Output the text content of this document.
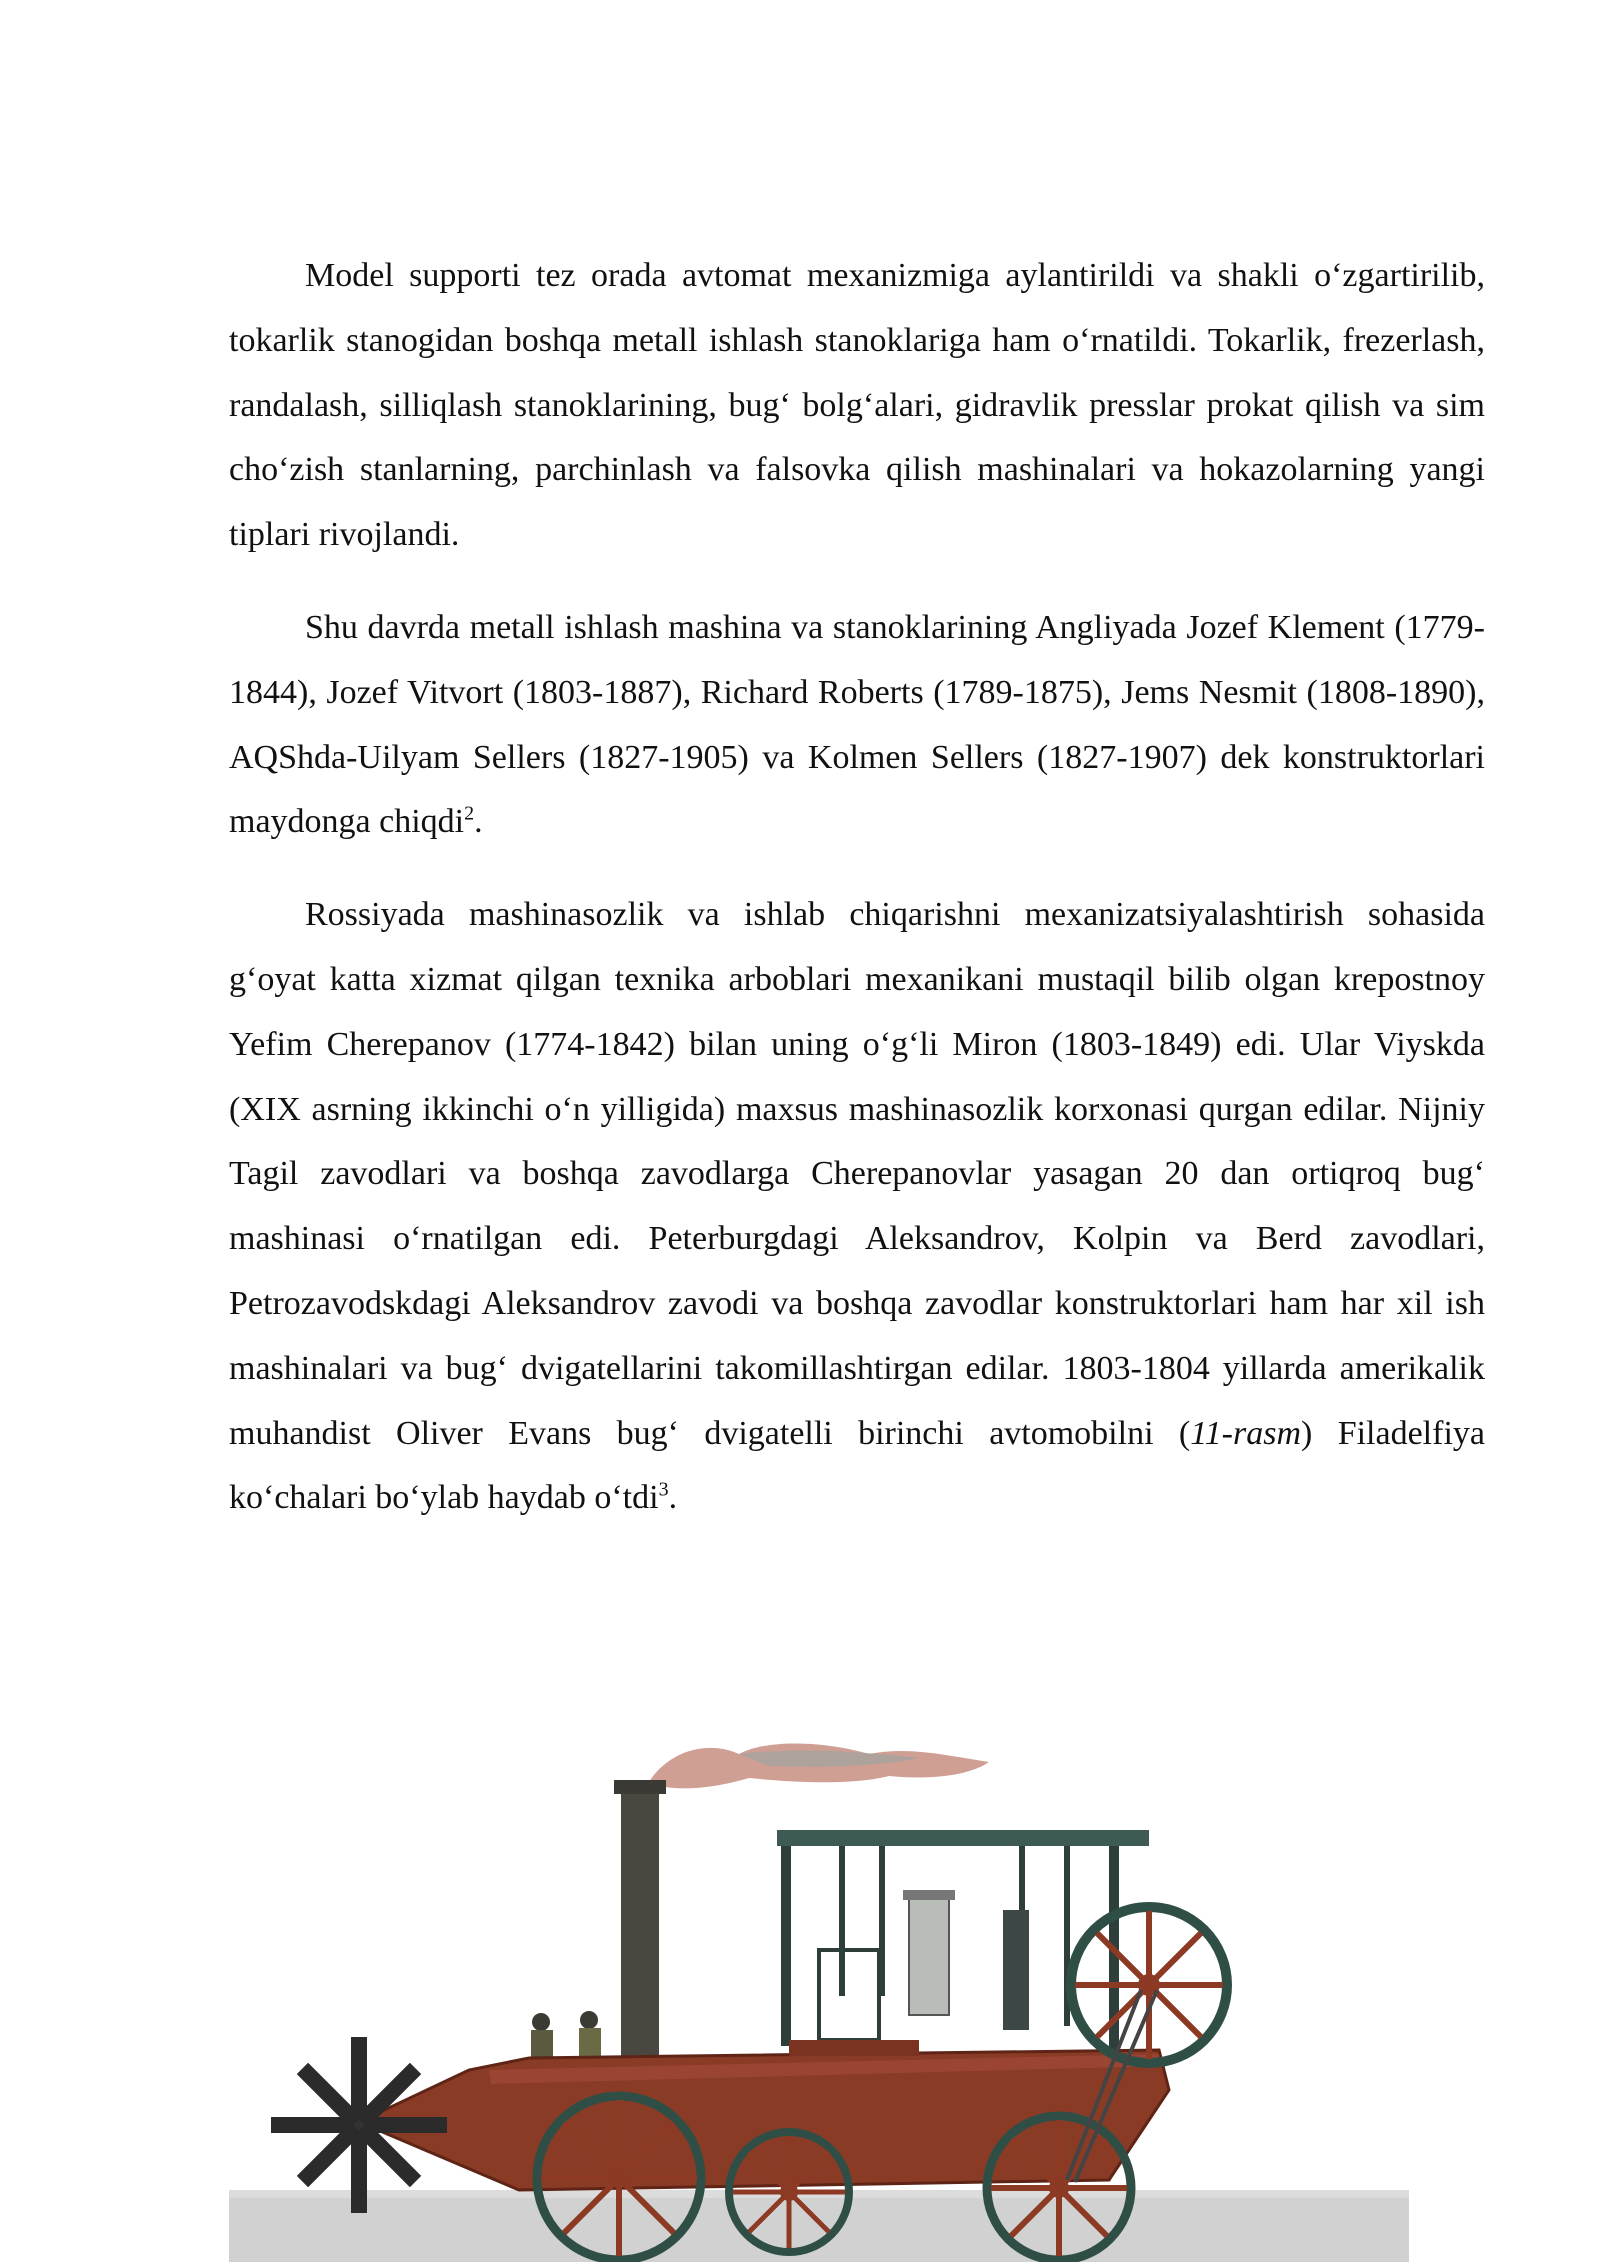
Model supporti tez orada avtomat mexanizmiga aylantirildi va shakli o‘zgartirilib, tokarlik stanogidan boshqa metall ishlash stanoklariga ham o‘rnatildi. Tokarlik, frezerlash, randalash, silliqlash stanoklarining, bug‘ bolg‘alari, gidravlik presslar prokat qilish va sim cho‘zish stanlarning, parchinlash va falsovka qilish mashinalari va hokazolarning yangi tiplari rivojlandi.

Shu davrda metall ishlash mashina va stanoklarining Angliyada Jozef Klement (1779-1844), Jozef Vitvort (1803-1887), Richard Roberts (1789-1875), Jems Nesmit (1808-1890), AQShda-Uilyam Sellers (1827-1905) va Kolmen Sellers (1827-1907) dek konstruktorlari maydonga chiqdi$^2$.

Rossiyada mashinasozlik va ishlab chiqarishni mexanizatsiyalashtirish sohasida g‘oyat katta xizmat qilgan texnika arboblari mexanikani mustaqil bilib olgan krepostnoy Yefim Cherepanov (1774-1842) bilan uning o‘g‘li Miron (1803-1849) edi. Ular Viyskda (XIX asrning ikkinchi o‘n yilligida) maxsus mashinasozlik korxonasi qurgan edilar. Nijniy Tagil zavodlari va boshqa zavodlarga Cherepanovlar yasagan 20 dan ortiqroq bug‘ mashinasi o‘rnatilgan edi. Peterburgdagi Aleksandrov, Kolpin va Berd zavodlari, Petrozavodskdagi Aleksandrov zavodi va boshqa zavodlar konstruktorlari ham har xil ish mashinalari va bug‘ dvigatellarini takomillashtirgan edilar. 1803-1804 yillarda amerikalik muhandist Oliver Evans bug‘ dvigatelli birinchi avtomobilni (11-rasm) Filadelfiya ko‘chalari bo‘ylab haydab o‘tdi$^3$.
